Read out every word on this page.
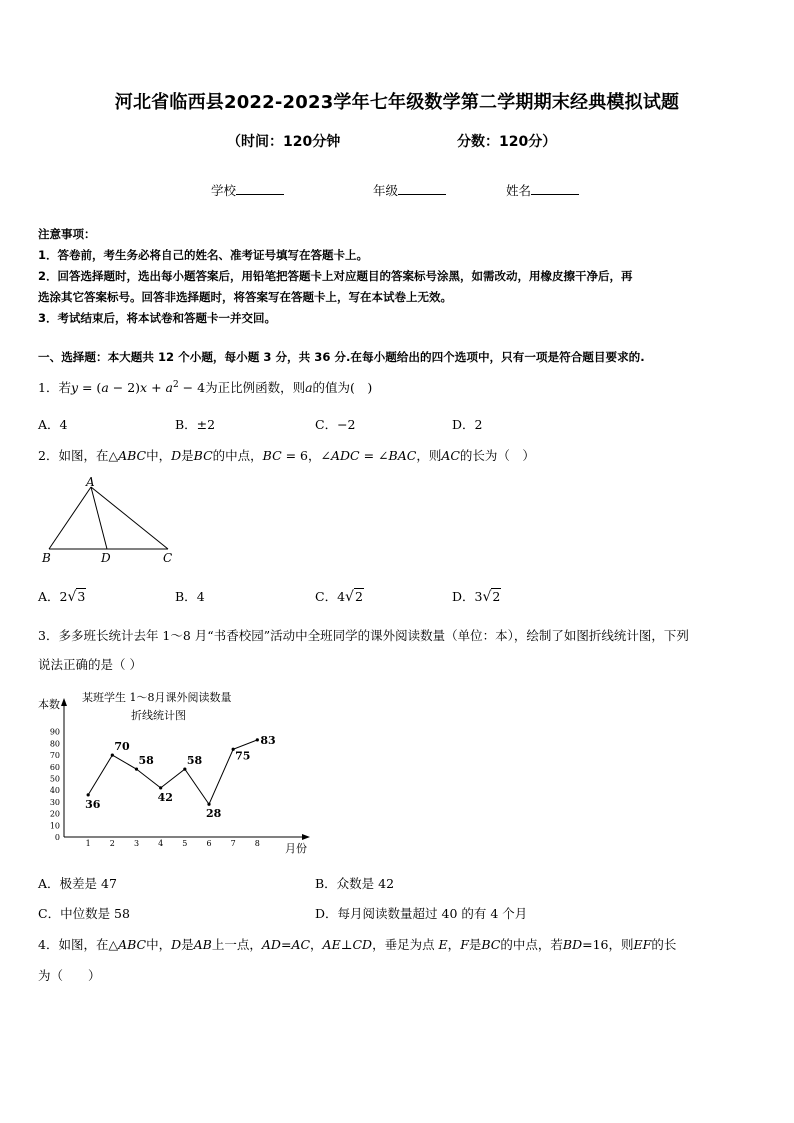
河北省临西县2022-2023学年七年级数学第二学期期末经典模拟试题
（时间：120分钟	分数：120分）
学校	年级	姓名
注意事项：
1．答卷前，考生务必将自己的姓名、准考证号填写在答题卡上。
2．回答选择题时，选出每小题答案后，用铅笔把答题卡上对应题目的答案标号涂黑，如需改动，用橡皮擦干净后，再
选涂其它答案标号。回答非选择题时，将答案写在答题卡上，写在本试卷上无效。
3．考试结束后，将本试卷和答题卡一并交回。
一、选择题：本大题共 12 个小题，每小题 3 分，共 36 分.在每小题给出的四个选项中，只有一项是符合题目要求的.
1．若$y = (a - 2)x + a^2 - 4$为正比例函数，则a的值为(　)
A．4	B．±2	C．−2	D．2
2．如图，在△ABC中，D是BC的中点，BC = 6，∠ADC = ∠BAC，则AC的长为（　）
A
B	D	C
A．2√3	B．4	C．4√2	D．3√2
3．多多班长统计去年 1～8 月“书香校园”活动中全班同学的课外阅读数量（单位：本），绘制了如图折线统计图，下列
说法正确的是（ ）
某班学生 1～8月课外阅读数量
折线统计图
本数
月份
0
10
20
30
40
50
60
70
80
90
1 2 3 4 5 6 7 8
36
70
58
42
58
28
75
83
A．极差是 47	B．众数是 42
C．中位数是 58	D．每月阅读数量超过 40 的有 4 个月
4．如图，在△ABC中，D是AB上一点，AD=AC，AE⊥CD，垂足为点 E，F是BC的中点，若BD=16，则EF的长
为（　　）
